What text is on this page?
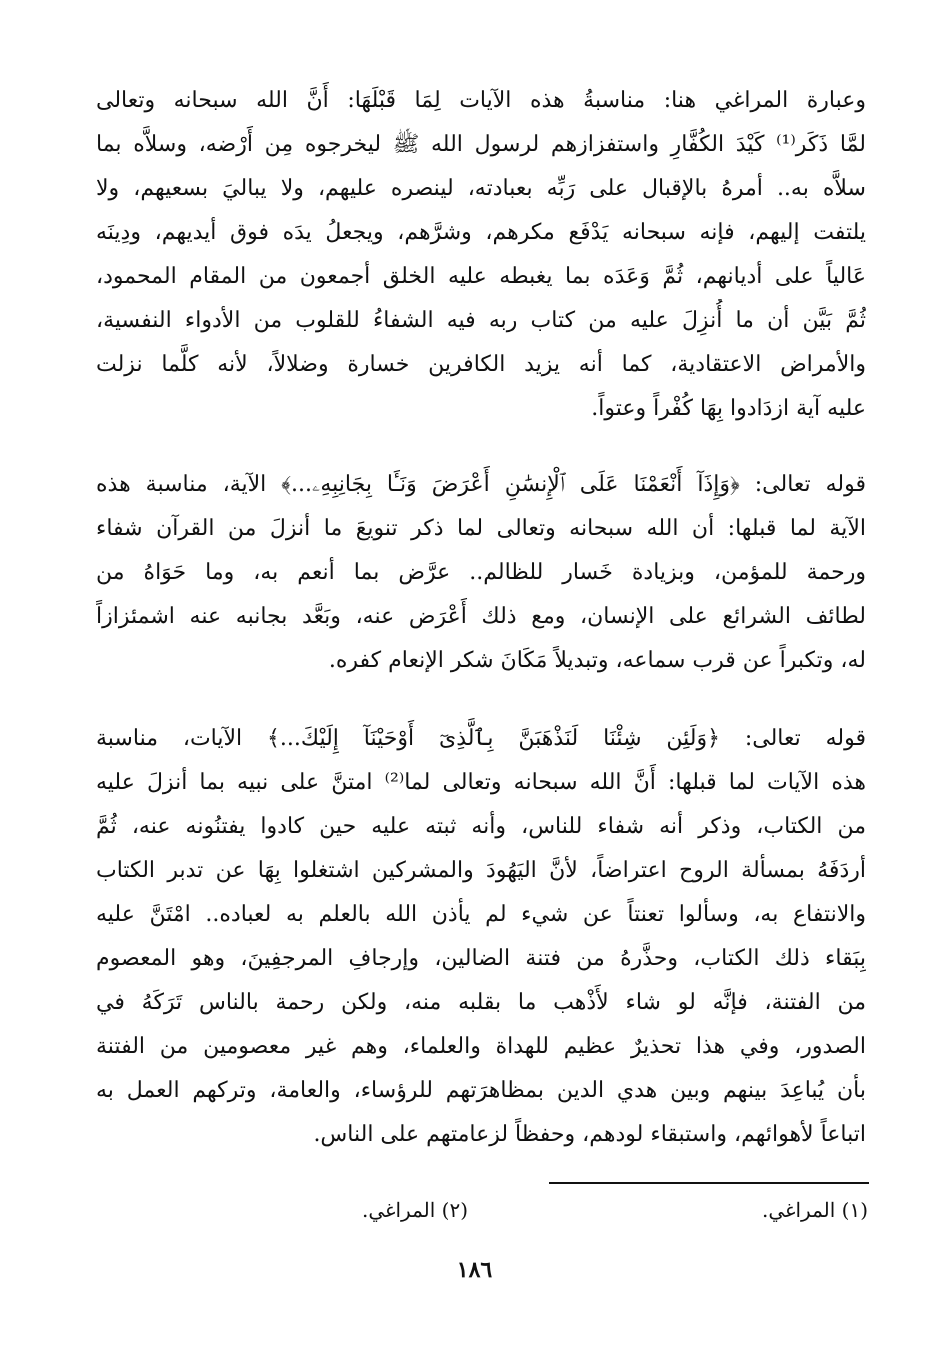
وعبارة المراغي هنا: مناسبةُ هذه الآيات لِمَا قَبْلَهَا: أَنَّ الله سبحانه وتعالى
لمَّا ذَكَر⁽¹⁾ كَيْدَ الكُفَّارِ واستفزازهم لرسول الله ﷺ ليخرجوه مِن أَرْضه، وسلاَّه بما
سلاَّه به.. أمرهُ بالإقبال على رَبِّه بعبادته، لينصره عليهم، ولا يباليَ بسعيهم، ولا
يلتفت إليهم، فإنه سبحانه يَدْفَع مكرهم، وشرَّهم، ويجعلُ يدَه فوق أيديهم، ودِينَه
عَالياً على أديانهم، ثُمَّ وَعَدَه بما يغبطه عليه الخلق أجمعون من المقام المحمود،
ثُمَّ بَيَّن أن ما أُنزِلَ عليه من كتاب ربه فيه الشفاءُ للقلوب من الأدواء النفسية،
والأمراض الاعتقادية، كما أنه يزيد الكافرين خسارة وضلالاً، لأنه كلَّما نزلت
عليه آية ازدَادوا بِهَا كُفْراً وعتواً.
قوله تعالى: ﴿وَإِذَآ أَنْعَمْنَا عَلَى ٱلْإِنسَٰنِ أَعْرَضَ وَنَـَٔا بِجَانِبِهِۦ...﴾ الآية، مناسبة هذه
الآية لما قبلها: أن الله سبحانه وتعالى لما ذكر تنويعَ ما أنزلَ من القرآن شفاء
ورحمة للمؤمن، وبزيادة خَسار للظالم.. عرَّض بما أنعم به، وما حَوَاهُ من
لطائف الشرائع على الإنسان، ومع ذلك أَعْرَض عنه، وبَعَّد بجانبه عنه اشمئزازاً
له، وتكبراً عن قرب سماعه، وتبديلاً مَكَانَ شكر الإنعام كفره.
قوله تعالى: ﴿وَلَئِن شِئْنَا لَنَذْهَبَنَّ بِٱلَّذِىٓ أَوْحَيْنَآ إِلَيْكَ...﴾ الآيات، مناسبة
هذه الآيات لما قبلها: أَنَّ الله سبحانه وتعالى لما⁽²⁾ امتنَّ على نبيه بما أنزلَ عليه
من الكتاب، وذكر أنه شفاء للناس، وأنه ثبته عليه حين كادوا يفتنُونه عنه، ثُمَّ
أردَفَهُ بمسألة الروح اعتراضاً، لأنَّ اليَهُودَ والمشركين اشتغلوا بِهَا عن تدبر الكتاب
والانتفاع به، وسألوا تعنتاً عن شيء لم يأذن الله بالعلم به لعباده.. امْتَنَّ عليه
بِبَقاء ذلك الكتاب، وحذَّرهُ من فتنة الضالين، وإرجافِ المرجفِينَ، وهو المعصوم
من الفتنة، فإنَّه لو شاء لأَذْهب ما بقلبه منه، ولكن رحمة بالناس تَرَكَهُ في
الصدور، وفي هذا تحذيرٌ عظيم للهداة والعلماء، وهم غير معصومين من الفتنة
بأن يُباعِدَ بينهم وبين هدي الدين بمظاهرَتهم للرؤساء، والعامة، وتركهم العمل به
اتباعاً لأهوائهم، واستبقاء لودهم، وحفظاً لزعامتهم على الناس.
(١) المراغي.
(٢) المراغي.
١٨٦
